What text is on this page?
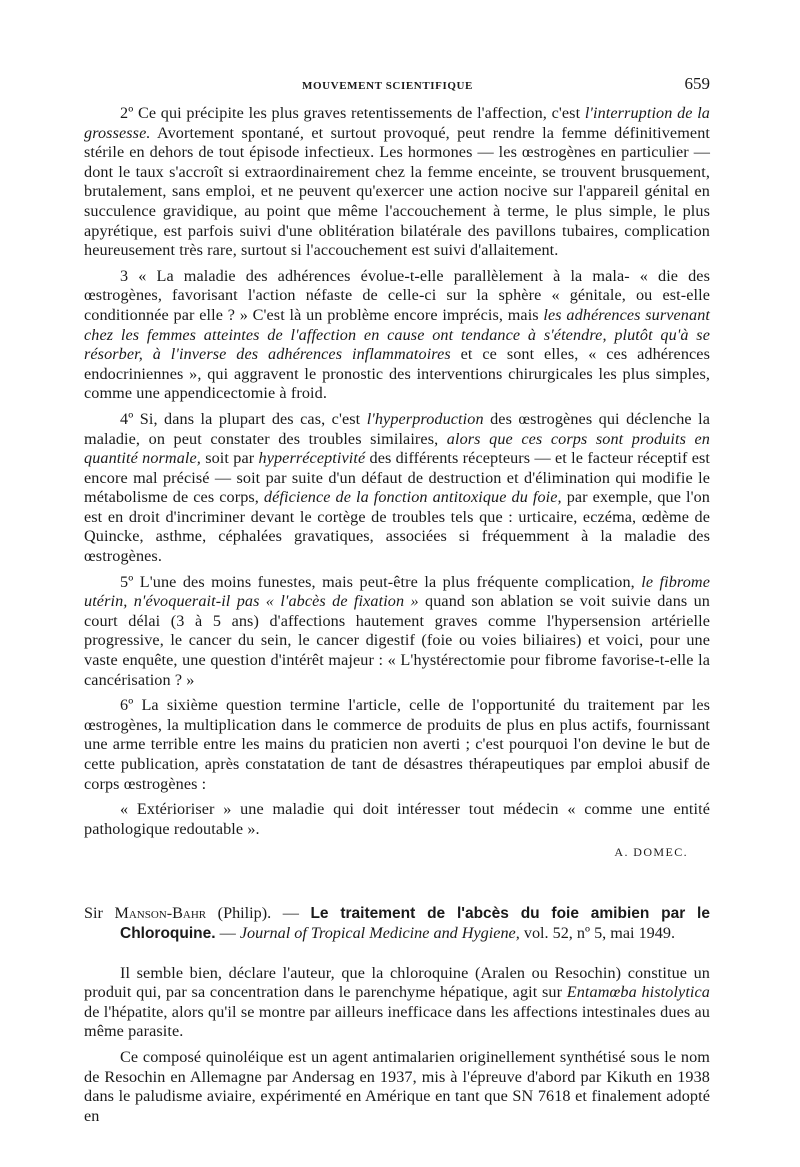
MOUVEMENT SCIENTIFIQUE	659

2º Ce qui précipite les plus graves retentissements de l'affection, c'est l'interruption de la grossesse. Avortement spontané, et surtout provoqué, peut rendre la femme définitivement stérile en dehors de tout épisode infectieux. Les hormones — les œstrogènes en particulier — dont le taux s'accroît si extraordinairement chez la femme enceinte, se trouvent brusquement, brutalement, sans emploi, et ne peuvent qu'exercer une action nocive sur l'appareil génital en succulence gravidique, au point que même l'accouchement à terme, le plus simple, le plus apyrétique, est parfois suivi d'une oblitération bilatérale des pavillons tubaires, complication heureusement très rare, surtout si l'accouchement est suivi d'allaitement.

3 « La maladie des adhérences évolue-t-elle parallèlement à la mala- « die des œstrogènes, favorisant l'action néfaste de celle-ci sur la sphère « génitale, ou est-elle conditionnée par elle ? » C'est là un problème encore imprécis, mais les adhérences survenant chez les femmes atteintes de l'affection en cause ont tendance à s'étendre, plutôt qu'à se résorber, à l'inverse des adhérences inflammatoires et ce sont elles, « ces adhérences endocriniennes », qui aggravent le pronostic des interventions chirurgicales les plus simples, comme une appendicectomie à froid.

4º Si, dans la plupart des cas, c'est l'hyperproduction des œstrogènes qui déclenche la maladie, on peut constater des troubles similaires, alors que ces corps sont produits en quantité normale, soit par hyperréceptivité des différents récepteurs — et le facteur réceptif est encore mal précisé — soit par suite d'un défaut de destruction et d'élimination qui modifie le métabolisme de ces corps, déficience de la fonction antitoxique du foie, par exemple, que l'on est en droit d'incriminer devant le cortège de troubles tels que : urticaire, eczéma, œdème de Quincke, asthme, céphalées gravatiques, associées si fréquemment à la maladie des œstrogènes.

5º L'une des moins funestes, mais peut-être la plus fréquente complication, le fibrome utérin, n'évoquerait-il pas « l'abcès de fixation » quand son ablation se voit suivie dans un court délai (3 à 5 ans) d'affections hautement graves comme l'hypersension artérielle progressive, le cancer du sein, le cancer digestif (foie ou voies biliaires) et voici, pour une vaste enquête, une question d'intérêt majeur : « L'hystérectomie pour fibrome favorise-t-elle la cancérisation ? »

6º La sixième question termine l'article, celle de l'opportunité du traitement par les œstrogènes, la multiplication dans le commerce de produits de plus en plus actifs, fournissant une arme terrible entre les mains du praticien non averti ; c'est pourquoi l'on devine le but de cette publication, après constatation de tant de désastres thérapeutiques par emploi abusif de corps œstrogènes :

« Extérioriser » une maladie qui doit intéresser tout médecin « comme une entité pathologique redoutable ».

A. DOMEC.
Sir Manson-Bahr (Philip). — Le traitement de l'abcès du foie amibien par le Chloroquine. — Journal of Tropical Medicine and Hygiene, vol. 52, nº 5, mai 1949.

Il semble bien, déclare l'auteur, que la chloroquine (Aralen ou Resochin) constitue un produit qui, par sa concentration dans le parenchyme hépatique, agit sur Entamœba histolytica de l'hépatite, alors qu'il se montre par ailleurs inefficace dans les affections intestinales dues au même parasite.

Ce composé quinoléique est un agent antimalarien originellement synthétisé sous le nom de Resochin en Allemagne par Andersag en 1937, mis à l'épreuve d'abord par Kikuth en 1938 dans le paludisme aviaire, expérimenté en Amérique en tant que SN 7618 et finalement adopté en
